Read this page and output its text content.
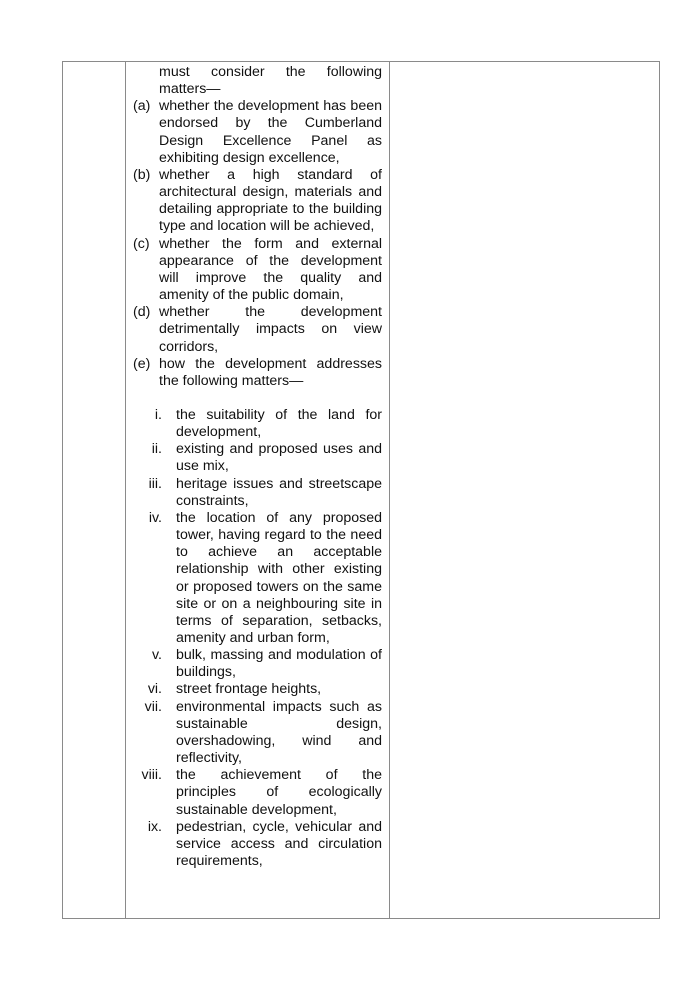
must consider the following
matters—
(a) whether the development has been endorsed by the Cumberland Design Excellence Panel as exhibiting design excellence,
(b) whether a high standard of architectural design, materials and detailing appropriate to the building type and location will be achieved,
(c) whether the form and external appearance of the development will improve the quality and amenity of the public domain,
(d) whether the development detrimentally impacts on view corridors,
(e) how the development addresses the following matters—
i. the suitability of the land for development,
ii. existing and proposed uses and use mix,
iii. heritage issues and streetscape constraints,
iv. the location of any proposed tower, having regard to the need to achieve an acceptable relationship with other existing or proposed towers on the same site or on a neighbouring site in terms of separation, setbacks, amenity and urban form,
v. bulk, massing and modulation of buildings,
vi. street frontage heights,
vii. environmental impacts such as sustainable design, overshadowing, wind and reflectivity,
viii. the achievement of the principles of ecologically sustainable development,
ix. pedestrian, cycle, vehicular and service access and circulation requirements,
